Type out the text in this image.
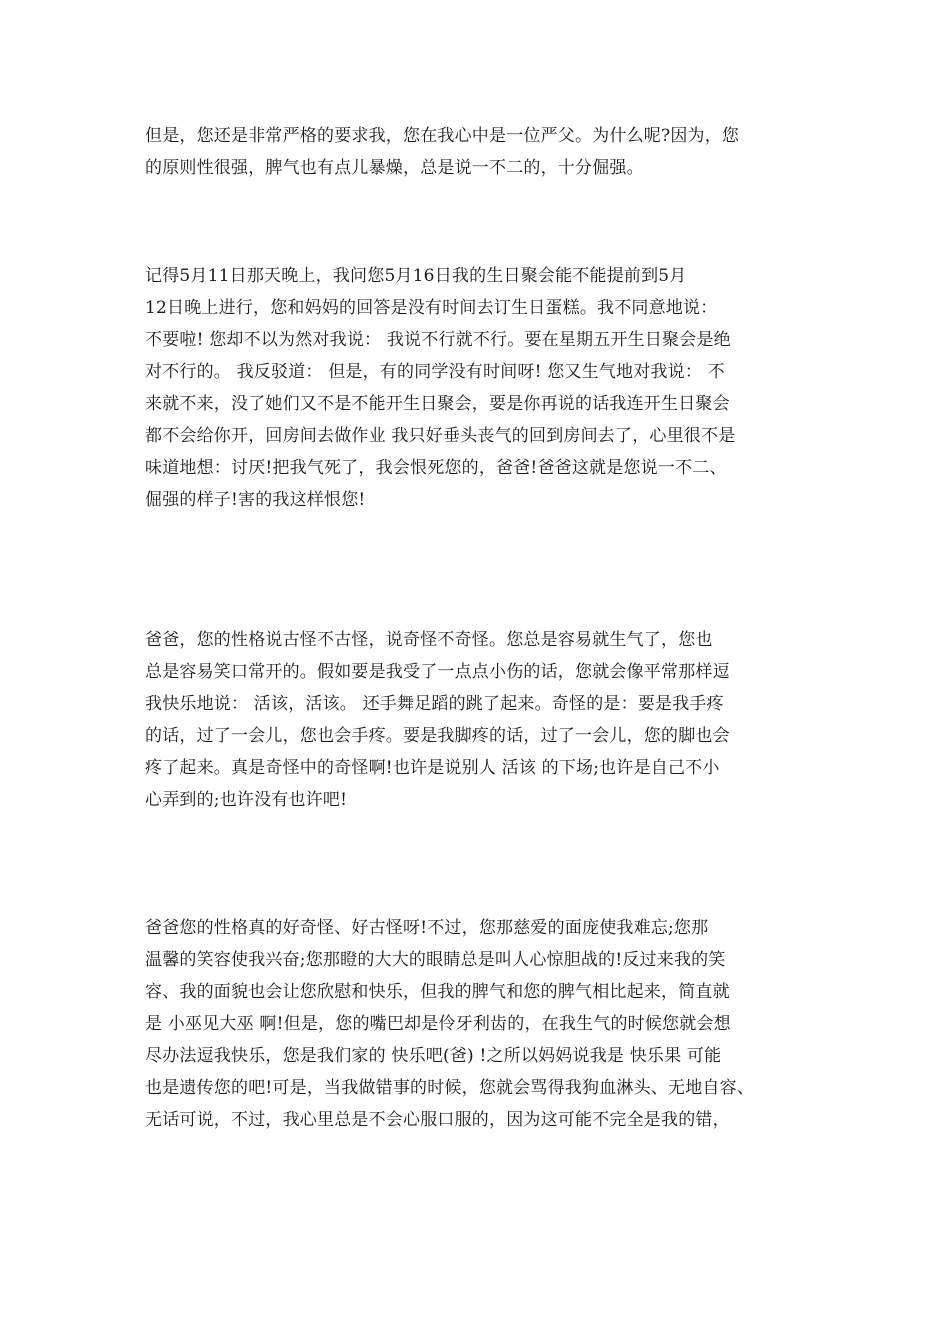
但是，您还是非常严格的要求我，您在我心中是一位严父。为什么呢?因为，您
的原则性很强，脾气也有点儿暴燥，总是说一不二的，十分倔强。
记得5月11日那天晚上，我问您5月16日我的生日聚会能不能提前到5月
12日晚上进行，您和妈妈的回答是没有时间去订生日蛋糕。我不同意地说：
不要啦! 您却不以为然对我说： 我说不行就不行。要在星期五开生日聚会是绝
对不行的。 我反驳道： 但是，有的同学没有时间呀! 您又生气地对我说： 不
来就不来，没了她们又不是不能开生日聚会，要是你再说的话我连开生日聚会
都不会给你开，回房间去做作业 我只好垂头丧气的回到房间去了，心里很不是
味道地想：讨厌!把我气死了，我会恨死您的，爸爸!爸爸这就是您说一不二、
倔强的样子!害的我这样恨您!
爸爸，您的性格说古怪不古怪，说奇怪不奇怪。您总是容易就生气了，您也
总是容易笑口常开的。假如要是我受了一点点小伤的话，您就会像平常那样逗
我快乐地说： 活该，活该。 还手舞足蹈的跳了起来。奇怪的是：要是我手疼
的话，过了一会儿，您也会手疼。要是我脚疼的话，过了一会儿，您的脚也会
疼了起来。真是奇怪中的奇怪啊!也许是说别人 活该 的下场;也许是自己不小
心弄到的;也许没有也许吧!
爸爸您的性格真的好奇怪、好古怪呀!不过，您那慈爱的面庞使我难忘;您那
温馨的笑容使我兴奋;您那瞪的大大的眼睛总是叫人心惊胆战的!反过来我的笑
容、我的面貌也会让您欣慰和快乐，但我的脾气和您的脾气相比起来，简直就
是 小巫见大巫 啊!但是，您的嘴巴却是伶牙利齿的，在我生气的时候您就会想
尽办法逗我快乐，您是我们家的 快乐吧(爸) !之所以妈妈说我是 快乐果 可能
也是遗传您的吧!可是，当我做错事的时候，您就会骂得我狗血淋头、无地自容、
无话可说，不过，我心里总是不会心服口服的，因为这可能不完全是我的错，
